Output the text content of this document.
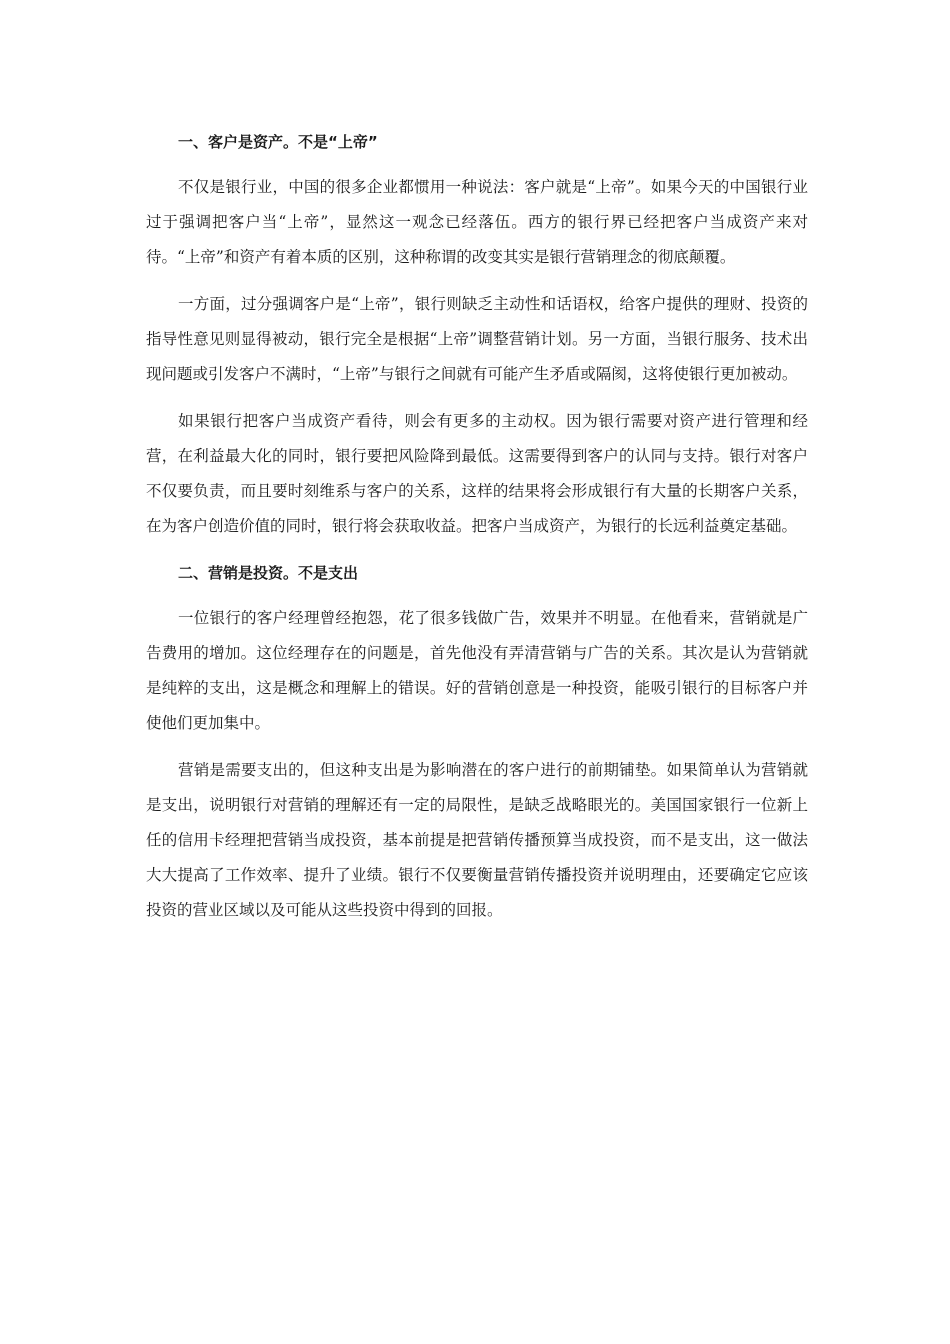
一、客户是资产。不是“上帝”

不仅是银行业，中国的很多企业都惯用一种说法：客户就是“上帝”。如果今天的中国银行业过于强调把客户当“上帝”，显然这一观念已经落伍。西方的银行界已经把客户当成资产来对待。“上帝”和资产有着本质的区别，这种称谓的改变其实是银行营销理念的彻底颠覆。

一方面，过分强调客户是“上帝”，银行则缺乏主动性和话语权，给客户提供的理财、投资的指导性意见则显得被动，银行完全是根据“上帝”调整营销计划。另一方面，当银行服务、技术出现问题或引发客户不满时，“上帝”与银行之间就有可能产生矛盾或隔阂，这将使银行更加被动。

如果银行把客户当成资产看待，则会有更多的主动权。因为银行需要对资产进行管理和经营，在利益最大化的同时，银行要把风险降到最低。这需要得到客户的认同与支持。银行对客户不仅要负责，而且要时刻维系与客户的关系，这样的结果将会形成银行有大量的长期客户关系，在为客户创造价值的同时，银行将会获取收益。把客户当成资产，为银行的长远利益奠定基础。

二、营销是投资。不是支出

一位银行的客户经理曾经抱怨，花了很多钱做广告，效果并不明显。在他看来，营销就是广告费用的增加。这位经理存在的问题是，首先他没有弄清营销与广告的关系。其次是认为营销就是纯粹的支出，这是概念和理解上的错误。好的营销创意是一种投资，能吸引银行的目标客户并使他们更加集中。

营销是需要支出的，但这种支出是为影响潜在的客户进行的前期铺垫。如果简单认为营销就是支出，说明银行对营销的理解还有一定的局限性，是缺乏战略眼光的。美国国家银行一位新上任的信用卡经理把营销当成投资，基本前提是把营销传播预算当成投资，而不是支出，这一做法大大提高了工作效率、提升了业绩。银行不仅要衡量营销传播投资并说明理由，还要确定它应该投资的营业区域以及可能从这些投资中得到的回报。
